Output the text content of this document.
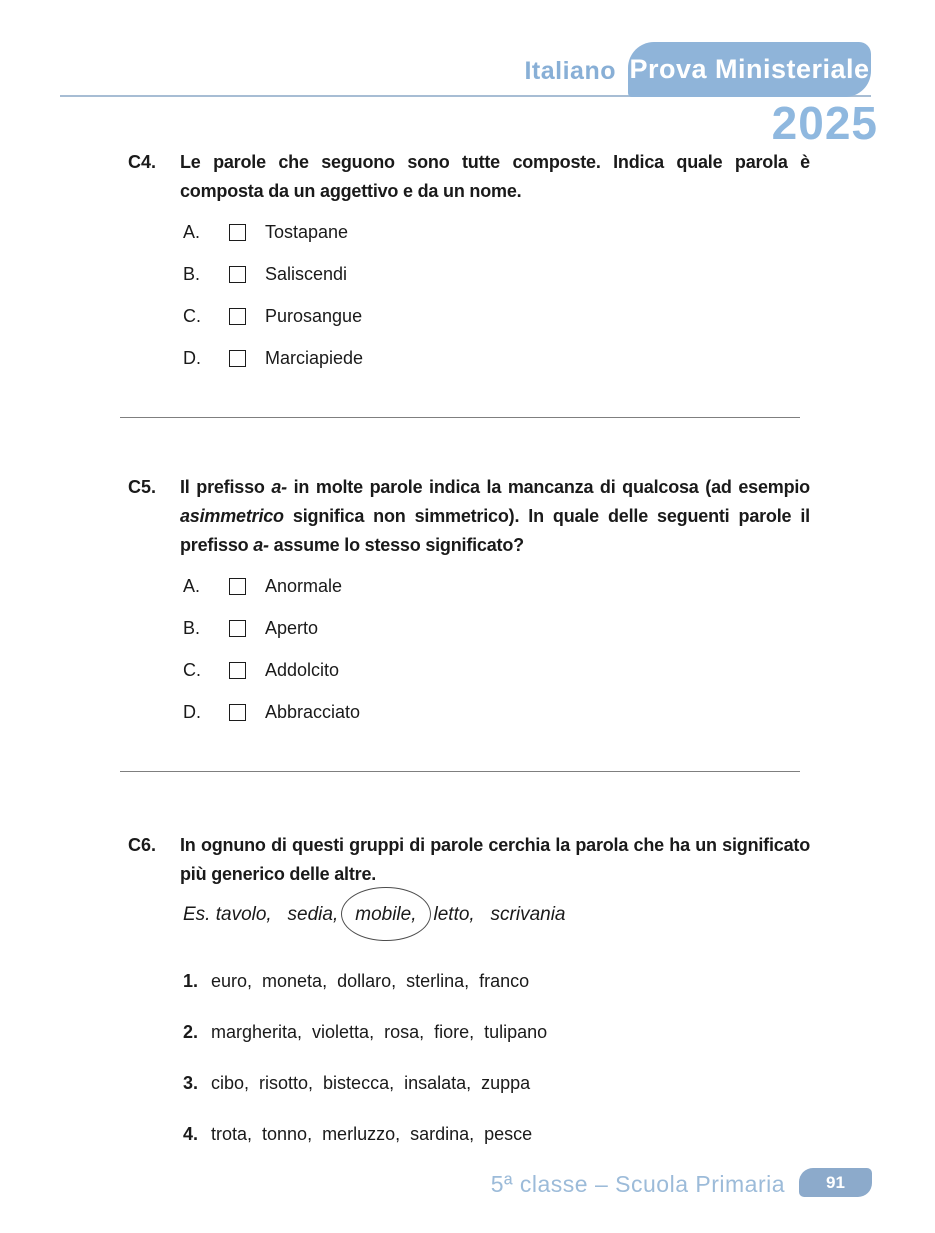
Italiano Prova Ministeriale
2025
C4.	Le parole che seguono sono tutte composte. Indica quale parola è
composta da un aggettivo e da un nome.
A.	Tostapane
B.	Saliscendi
C.	Purosangue
D.	Marciapiede
C5.	Il prefisso a- in molte parole indica la mancanza di qualcosa (ad esempio
asimmetrico significa non simmetrico). In quale delle seguenti parole il
prefisso a- assume lo stesso significato?
A.	Anormale
B.	Aperto
C.	Addolcito
D.	Abbracciato
C6.	In ognuno di questi gruppi di parole cerchia la parola che ha un significato
più generico delle altre.
Es. tavolo,   sedia, mobile, letto,   scrivania
1. euro,  moneta,  dollaro,  sterlina,  franco
2. margherita,  violetta,  rosa,  fiore,  tulipano
3. cibo,  risotto,  bistecca,  insalata,  zuppa
4. trota,  tonno,  merluzzo,  sardina,  pesce
5ª classe – Scuola Primaria 91
